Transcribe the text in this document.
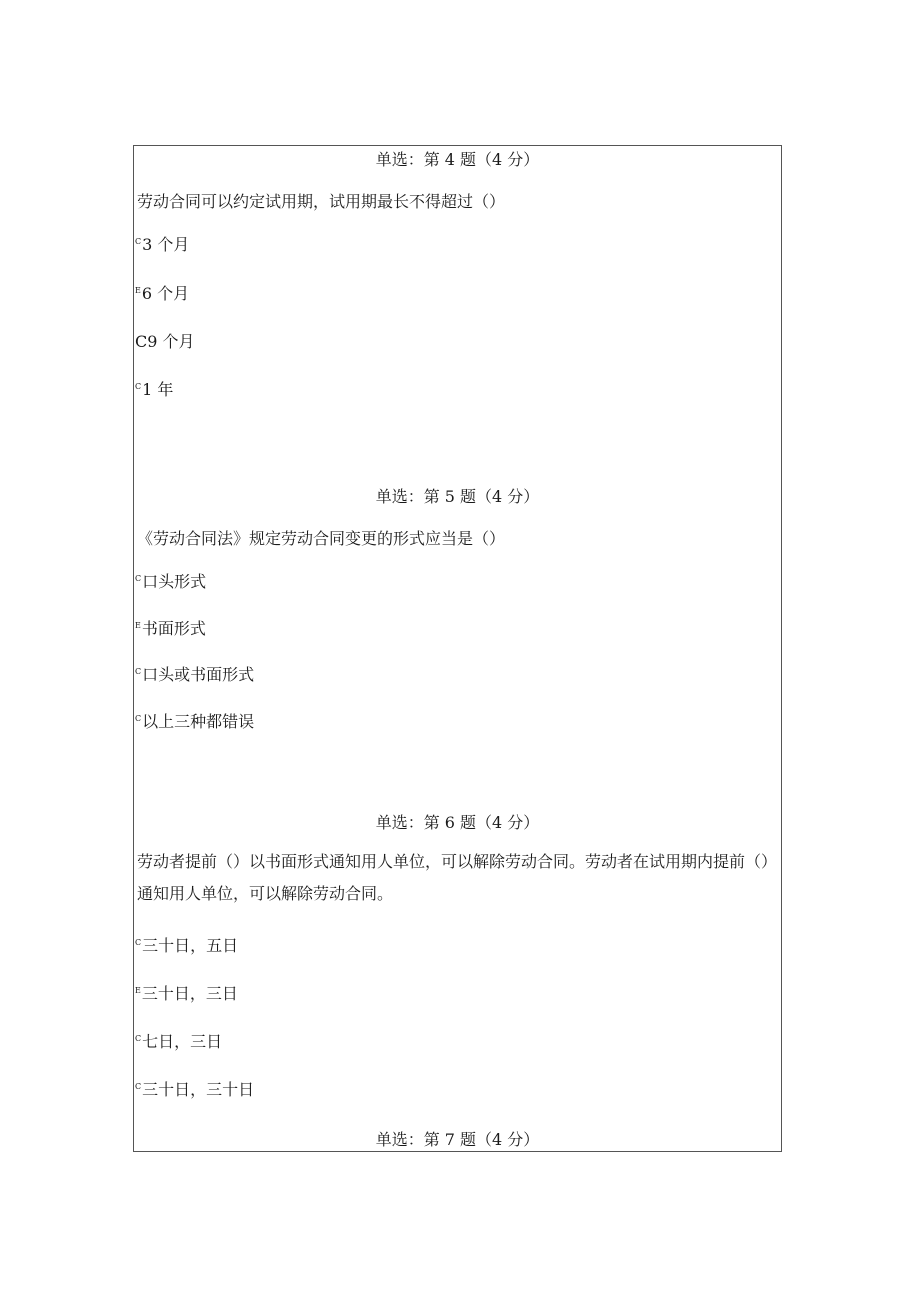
单选：第 4 题（4 分）
劳动合同可以约定试用期，试用期最长不得超过（）
C3 个月
E6 个月
C9 个月
C1 年
单选：第 5 题（4 分）
《劳动合同法》规定劳动合同变更的形式应当是（）
C口头形式
E书面形式
C口头或书面形式
C以上三种都错误
单选：第 6 题（4 分）
劳动者提前（）以书面形式通知用人单位，可以解除劳动合同。劳动者在试用期内提前（）通知用人单位，可以解除劳动合同。
C三十日，五日
E三十日，三日
C七日，三日
C三十日，三十日
单选：第 7 题（4 分）
